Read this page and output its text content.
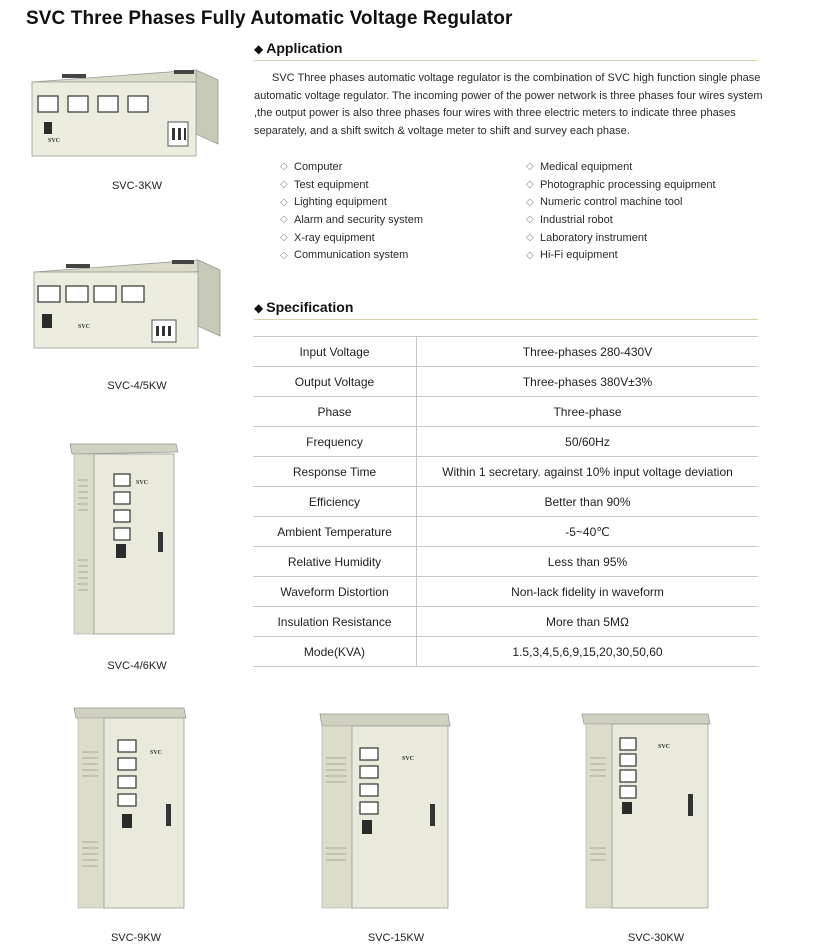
SVC Three Phases Fully Automatic Voltage Regulator
◆ Application
SVC Three phases automatic voltage regulator is the combination of SVC high function single phase automatic voltage regulator. The incoming power of the power network is three phases four wires system ,the output power is also three phases four wires with three electric meters to indicate three phases separately, and a shift switch & voltage meter to shift and survey each phase.
◇ Computer	◇ Medical equipment
◇ Test equipment	◇ Photographic processing equipment
◇ Lighting equipment	◇ Numeric control machine tool
◇ Alarm and security system	◇ Industrial robot
◇ X-ray equipment	◇ Laboratory instrument
◇ Communication system	◇ Hi-Fi equipment
◆ Specification
Input Voltage	Three-phases 280-430V
Output Voltage	Three-phases 380V±3%
Phase	Three-phase
Frequency	50/60Hz
Response Time	Within 1 secretary. against 10% input voltage deviation
Efficiency	Better than 90%
Ambient Temperature	-5~40℃
Relative Humidity	Less than 95%
Waveform Distortion	Non-lack fidelity in waveform
Insulation Resistance	More than 5MΩ
Mode(KVA)	1.5,3,4,5,6,9,15,20,30,50,60
SVC
SVC-3KW
SVC
SVC-4/5KW
SVC
SVC-4/6KW
SVC
SVC-9KW
SVC
SVC-15KW
SVC
SVC-30KW
